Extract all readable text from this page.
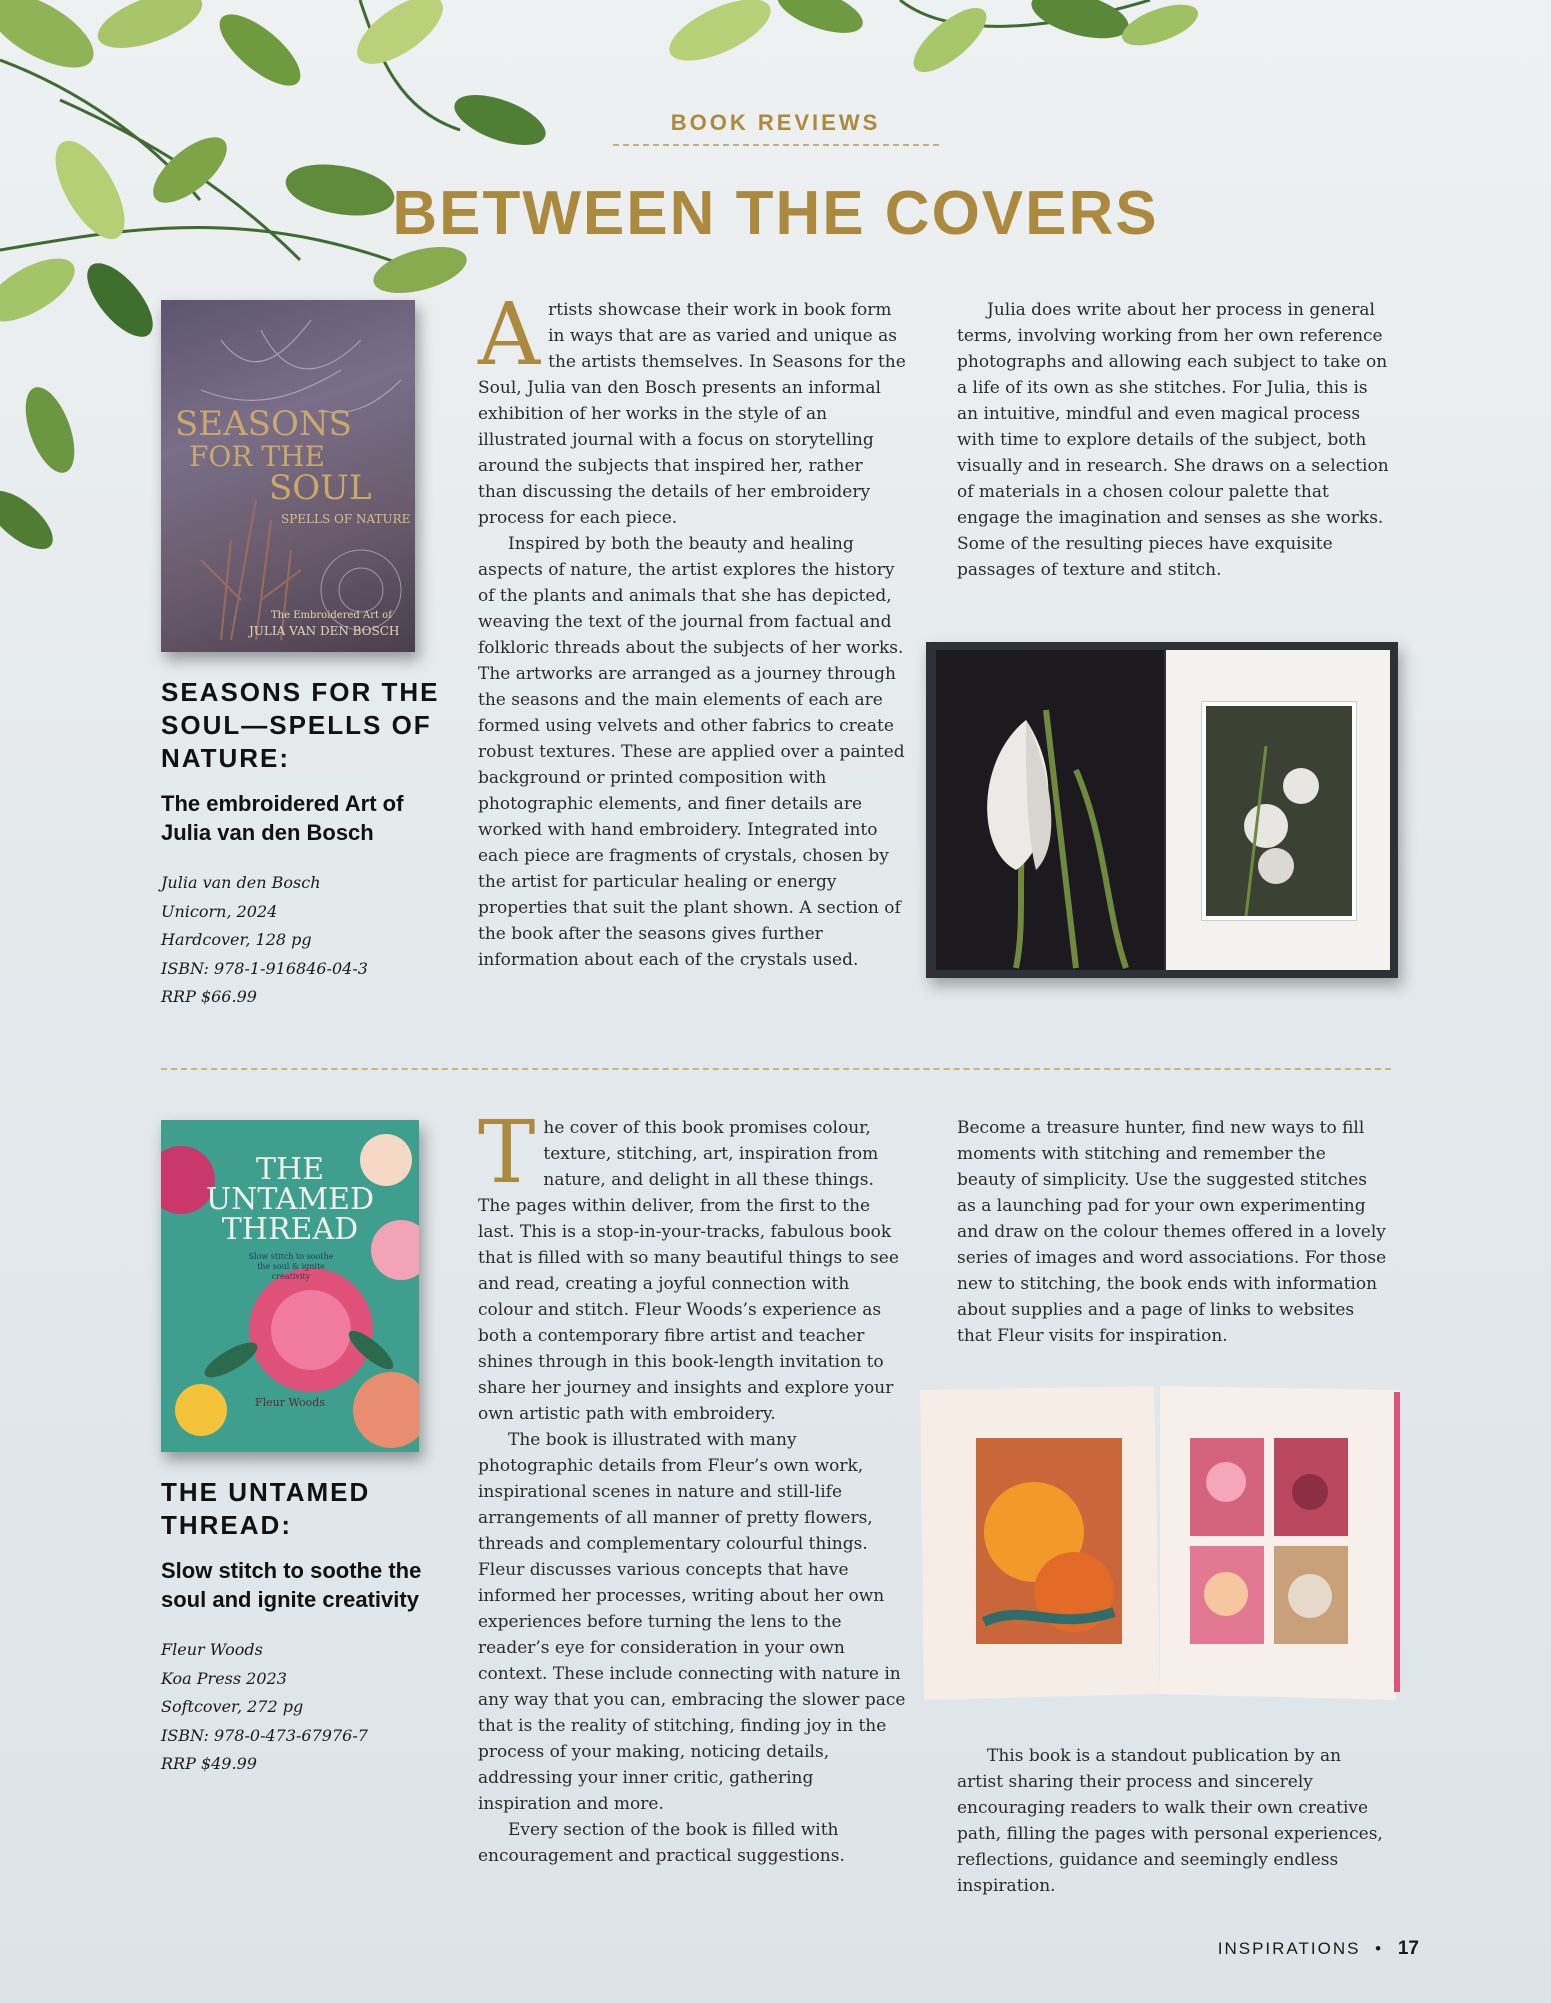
BOOK REVIEWS
BETWEEN THE COVERS
SEASONS
FOR THE
SOUL
SPELLS OF NATURE
The Embroidered Art of
JULIA VAN DEN BOSCH
SEASONS FOR THE SOUL—SPELLS OF NATURE:
The embroidered Art of Julia van den Bosch
Julia van den Bosch
Unicorn, 2024
Hardcover, 128 pg
ISBN: 978-1-916846-04-3
RRP $66.99
A rtists showcase their work in book form in ways that are as varied and unique as the artists themselves. In Seasons for the Soul, Julia van den Bosch presents an informal exhibition of her works in the style of an illustrated journal with a focus on storytelling around the subjects that inspired her, rather than discussing the details of her embroidery process for each piece.

Inspired by both the beauty and healing aspects of nature, the artist explores the history of the plants and animals that she has depicted, weaving the text of the journal from factual and folkloric threads about the subjects of her works. The artworks are arranged as a journey through the seasons and the main elements of each are formed using velvets and other fabrics to create robust textures. These are applied over a painted background or printed composition with photographic elements, and finer details are worked with hand embroidery. Integrated into each piece are fragments of crystals, chosen by the artist for particular healing or energy properties that suit the plant shown. A section of the book after the seasons gives further information about each of the crystals used.

Julia does write about her process in general terms, involving working from her own reference photographs and allowing each subject to take on a life of its own as she stitches. For Julia, this is an intuitive, mindful and even magical process with time to explore details of the subject, both visually and in research. She draws on a selection of materials in a chosen colour palette that engage the imagination and senses as she works. Some of the resulting pieces have exquisite passages of texture and stitch.

THE
UNTAMED
THREAD
Slow stitch to soothe the soul & ignite creativity
Fleur Woods
THE UNTAMED THREAD:
Slow stitch to soothe the soul and ignite creativity
Fleur Woods
Koa Press 2023
Softcover, 272 pg
ISBN: 978-0-473-67976-7
RRP $49.99
T he cover of this book promises colour, texture, stitching, art, inspiration from nature, and delight in all these things. The pages within deliver, from the first to the last. This is a stop-in-your-tracks, fabulous book that is filled with so many beautiful things to see and read, creating a joyful connection with colour and stitch. Fleur Woods’s experience as both a contemporary fibre artist and teacher shines through in this book-length invitation to share her journey and insights and explore your own artistic path with embroidery.

The book is illustrated with many photographic details from Fleur’s own work, inspirational scenes in nature and still-life arrangements of all manner of pretty flowers, threads and complementary colourful things. Fleur discusses various concepts that have informed her processes, writing about her own experiences before turning the lens to the reader’s eye for consideration in your own context. These include connecting with nature in any way that you can, embracing the slower pace that is the reality of stitching, finding joy in the process of your making, noticing details, addressing your inner critic, gathering inspiration and more.

Every section of the book is filled with encouragement and practical suggestions.

Become a treasure hunter, find new ways to fill moments with stitching and remember the beauty of simplicity. Use the suggested stitches as a launching pad for your own experimenting and draw on the colour themes offered in a lovely series of images and word associations. For those new to stitching, the book ends with information about supplies and a page of links to websites that Fleur visits for inspiration.

This book is a standout publication by an artist sharing their process and sincerely encouraging readers to walk their own creative path, filling the pages with personal experiences, reflections, guidance and seemingly endless inspiration.

INSPIRATIONS • 17
